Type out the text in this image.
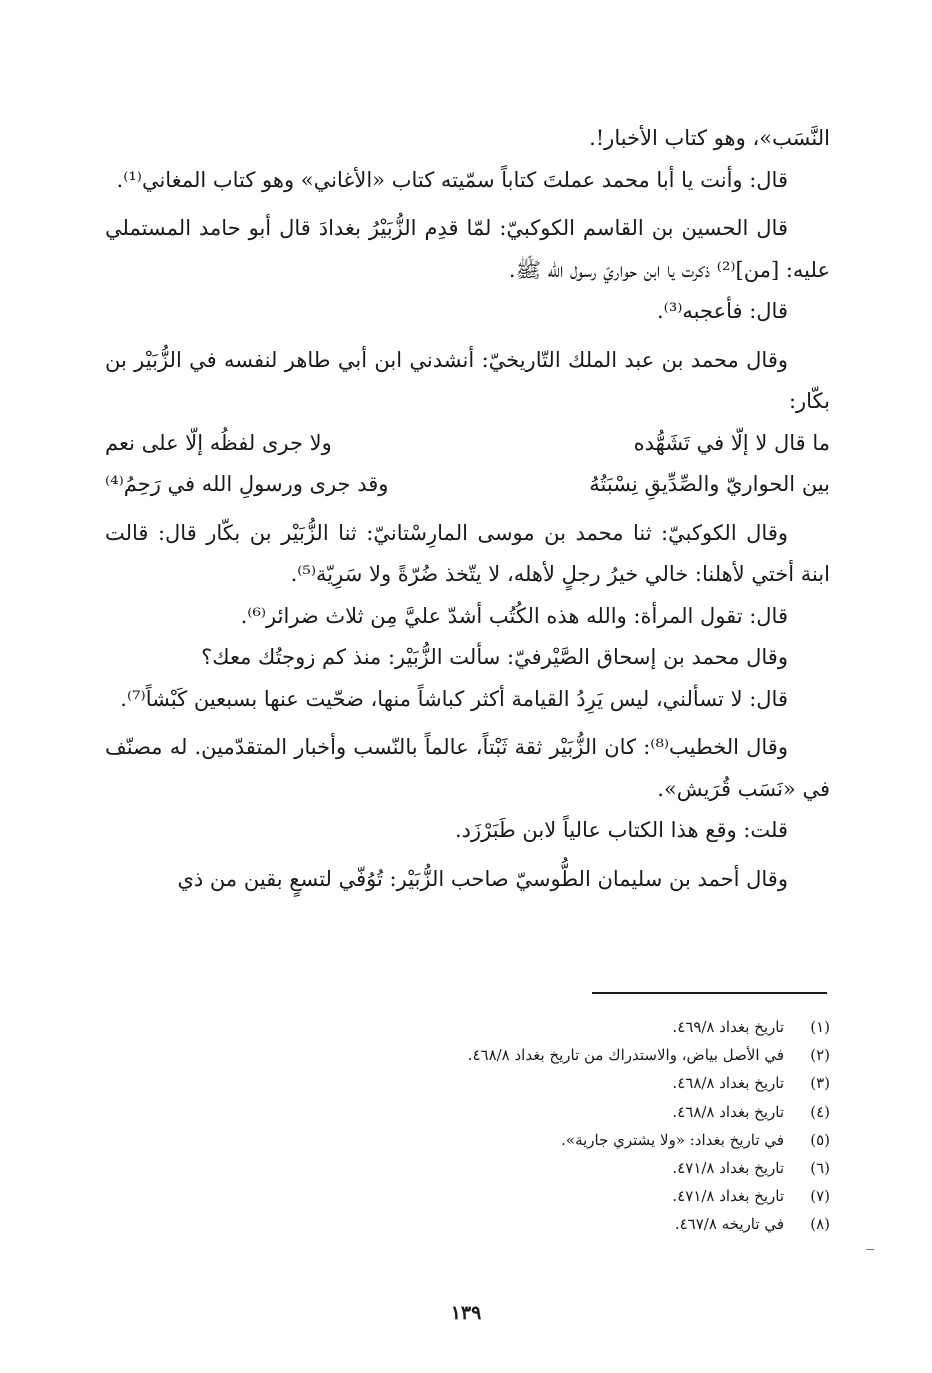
النَّسَب»، وهو كتاب الأخبار!.

قال: وأنت يا أبا محمد عملتَ كتاباً سمّيته كتاب «الأغاني» وهو كتاب المغاني⁽¹⁾.

قال الحسين بن القاسم الكوكبيّ: لمّا قدِم الزُّبَيْرُ بغدادَ قال أبو حامد المستملي عليه: [من]⁽²⁾ ذكرت يا ابن حواريّ رسول الله ﷺ.

قال: فأعجبه⁽³⁾.

وقال محمد بن عبد الملك التّاريخيّ: أنشدني ابن أبي طاهر لنفسه في الزُّبَيْر بن بكّار:

ما قال لا إلّا في تَشَهُّده
ولا جرى لفظُه إلّا على نعم
بين الحواريّ والصِّدِّيقِ نِسْبَتُهُ
وقد جرى ورسولِ الله في رَحِمُ⁽⁴⁾

وقال الكوكبيّ: ثنا محمد بن موسى المارِسْتانيّ: ثنا الزُّبَيْر بن بكّار قال: قالت ابنة أختي لأهلنا: خالي خيرُ رجلٍ لأهله، لا يتّخذ ضُرّةً ولا سَرِيّة⁽⁵⁾.

قال: تقول المرأة: والله هذه الكُتُب أشدّ عليَّ مِن ثلاث ضرائر⁽⁶⁾.

وقال محمد بن إسحاق الصَّيْرفيّ: سألت الزُّبَيْر: منذ كم زوجتُك معك؟

قال: لا تسألني، ليس يَرِدُ القيامة أكثر كباشاً منها، ضحّيت عنها بسبعين كَبْشاً⁽⁷⁾.

وقال الخطيب⁽⁸⁾: كان الزُّبَيْر ثقة ثَبْتاً، عالماً بالنّسب وأخبار المتقدّمين. له مصنّف في «نَسَب قُرَيش».

قلت: وقع هذا الكتاب عالياً لابن طَبَرْزَد.

وقال أحمد بن سليمان الطُّوسيّ صاحب الزُّبَيْر: تُوُفّي لتسعٍ بقين من ذي

(١)
تاريخ بغداد ٤٦٩/٨.
(٢)
في الأصل بياض، والاستدراك من تاريخ بغداد ٤٦٨/٨.
(٣)
تاريخ بغداد ٤٦٨/٨.
(٤)
تاريخ بغداد ٤٦٨/٨.
(٥)
في تاريخ بغداد: «ولا يشتري جارية».
(٦)
تاريخ بغداد ٤٧١/٨.
(٧)
تاريخ بغداد ٤٧١/٨.
(٨)
في تاريخه ٤٦٧/٨.
١٣٩
